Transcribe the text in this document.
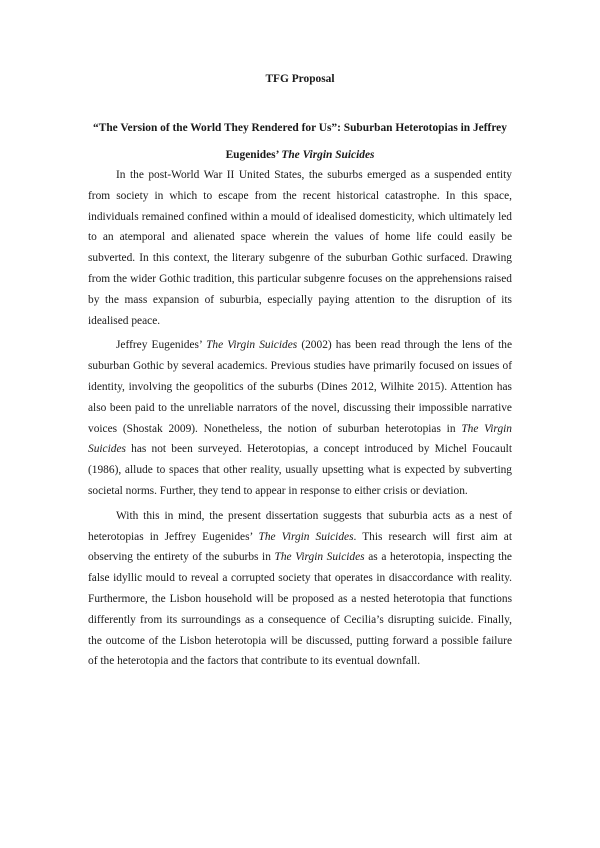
TFG Proposal
“The Version of the World They Rendered for Us”: Suburban Heterotopias in Jeffrey Eugenides’ The Virgin Suicides

In the post-World War II United States, the suburbs emerged as a suspended entity from society in which to escape from the recent historical catastrophe. In this space, individuals remained confined within a mould of idealised domesticity, which ultimately led to an atemporal and alienated space wherein the values of home life could easily be subverted. In this context, the literary subgenre of the suburban Gothic surfaced. Drawing from the wider Gothic tradition, this particular subgenre focuses on the apprehensions raised by the mass expansion of suburbia, especially paying attention to the disruption of its idealised peace.

Jeffrey Eugenides’ The Virgin Suicides (2002) has been read through the lens of the suburban Gothic by several academics. Previous studies have primarily focused on issues of identity, involving the geopolitics of the suburbs (Dines 2012, Wilhite 2015). Attention has also been paid to the unreliable narrators of the novel, discussing their impossible narrative voices (Shostak 2009). Nonetheless, the notion of suburban heterotopias in The Virgin Suicides has not been surveyed. Heterotopias, a concept introduced by Michel Foucault (1986), allude to spaces that other reality, usually upsetting what is expected by subverting societal norms. Further, they tend to appear in response to either crisis or deviation.

With this in mind, the present dissertation suggests that suburbia acts as a nest of heterotopias in Jeffrey Eugenides’ The Virgin Suicides. This research will first aim at observing the entirety of the suburbs in The Virgin Suicides as a heterotopia, inspecting the false idyllic mould to reveal a corrupted society that operates in disaccordance with reality. Furthermore, the Lisbon household will be proposed as a nested heterotopia that functions differently from its surroundings as a consequence of Cecilia’s disrupting suicide. Finally, the outcome of the Lisbon heterotopia will be discussed, putting forward a possible failure of the heterotopia and the factors that contribute to its eventual downfall.
